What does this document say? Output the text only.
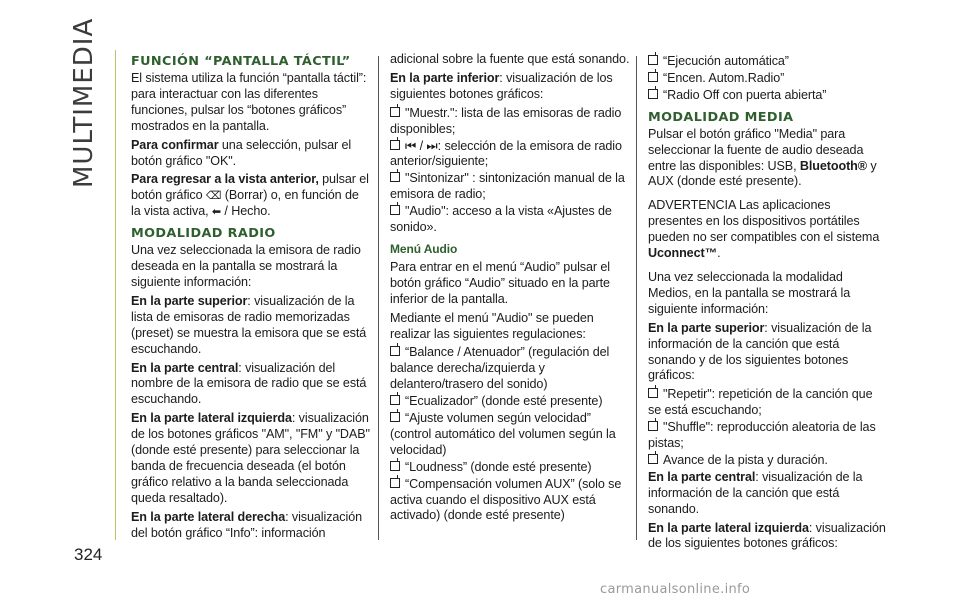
MULTIMEDIA
324
FUNCIÓN “PANTALLA TÁCTIL”

El sistema utiliza la función “pantalla táctil”: para interactuar con las diferentes funciones, pulsar los “botones gráficos” mostrados en la pantalla.

Para confirmar una selección, pulsar el botón gráfico "OK".

Para regresar a la vista anterior, pulsar el botón gráfico ⌫ (Borrar) o, en función de la vista activa, ⬅ / Hecho.

MODALIDAD RADIO

Una vez seleccionada la emisora de radio deseada en la pantalla se mostrará la siguiente información:

En la parte superior: visualización de la lista de emisoras de radio memorizadas (preset) se muestra la emisora que se está escuchando.

En la parte central: visualización del nombre de la emisora de radio que se está escuchando.

En la parte lateral izquierda: visualización de los botones gráficos "AM", "FM" y "DAB" (donde esté presente) para seleccionar la banda de frecuencia deseada (el botón gráfico relativo a la banda seleccionada queda resaltado).

En la parte lateral derecha: visualización del botón gráfico “Info”: información

adicional sobre la fuente que está sonando.

En la parte inferior: visualización de los siguientes botones gráficos:

"Muestr.": lista de las emisoras de radio disponibles;
⏮ / ⏭: selección de la emisora de radio anterior/siguiente;
"Sintonizar" : sintonización manual de la emisora de radio;
"Audio": acceso a la vista «Ajustes de sonido».
Menú Audio

Para entrar en el menú “Audio” pulsar el botón gráfico “Audio” situado en la parte inferior de la pantalla.

Mediante el menú "Audio" se pueden realizar las siguientes regulaciones:

“Balance / Atenuador” (regulación del balance derecha/izquierda y delantero/trasero del sonido)
“Ecualizador” (donde esté presente)
“Ajuste volumen según velocidad” (control automático del volumen según la velocidad)
“Loudness” (donde esté presente)
“Compensación volumen AUX” (solo se activa cuando el dispositivo AUX está activado) (donde esté presente)
“Ejecución automática”
“Encen. Autom.Radio”
“Radio Off con puerta abierta”
MODALIDAD MEDIA

Pulsar el botón gráfico "Media" para seleccionar la fuente de audio deseada entre las disponibles: USB, Bluetooth® y AUX (donde esté presente).

ADVERTENCIA Las aplicaciones presentes en los dispositivos portátiles pueden no ser compatibles con el sistema Uconnect™.

Una vez seleccionada la modalidad Medios, en la pantalla se mostrará la siguiente información:

En la parte superior: visualización de la información de la canción que está sonando y de los siguientes botones gráficos:

"Repetir": repetición de la canción que se está escuchando;
"Shuffle": reproducción aleatoria de las pistas;
Avance de la pista y duración.

En la parte central: visualización de la información de la canción que está sonando.

En la parte lateral izquierda: visualización de los siguientes botones gráficos:

carmanualsonline.info
